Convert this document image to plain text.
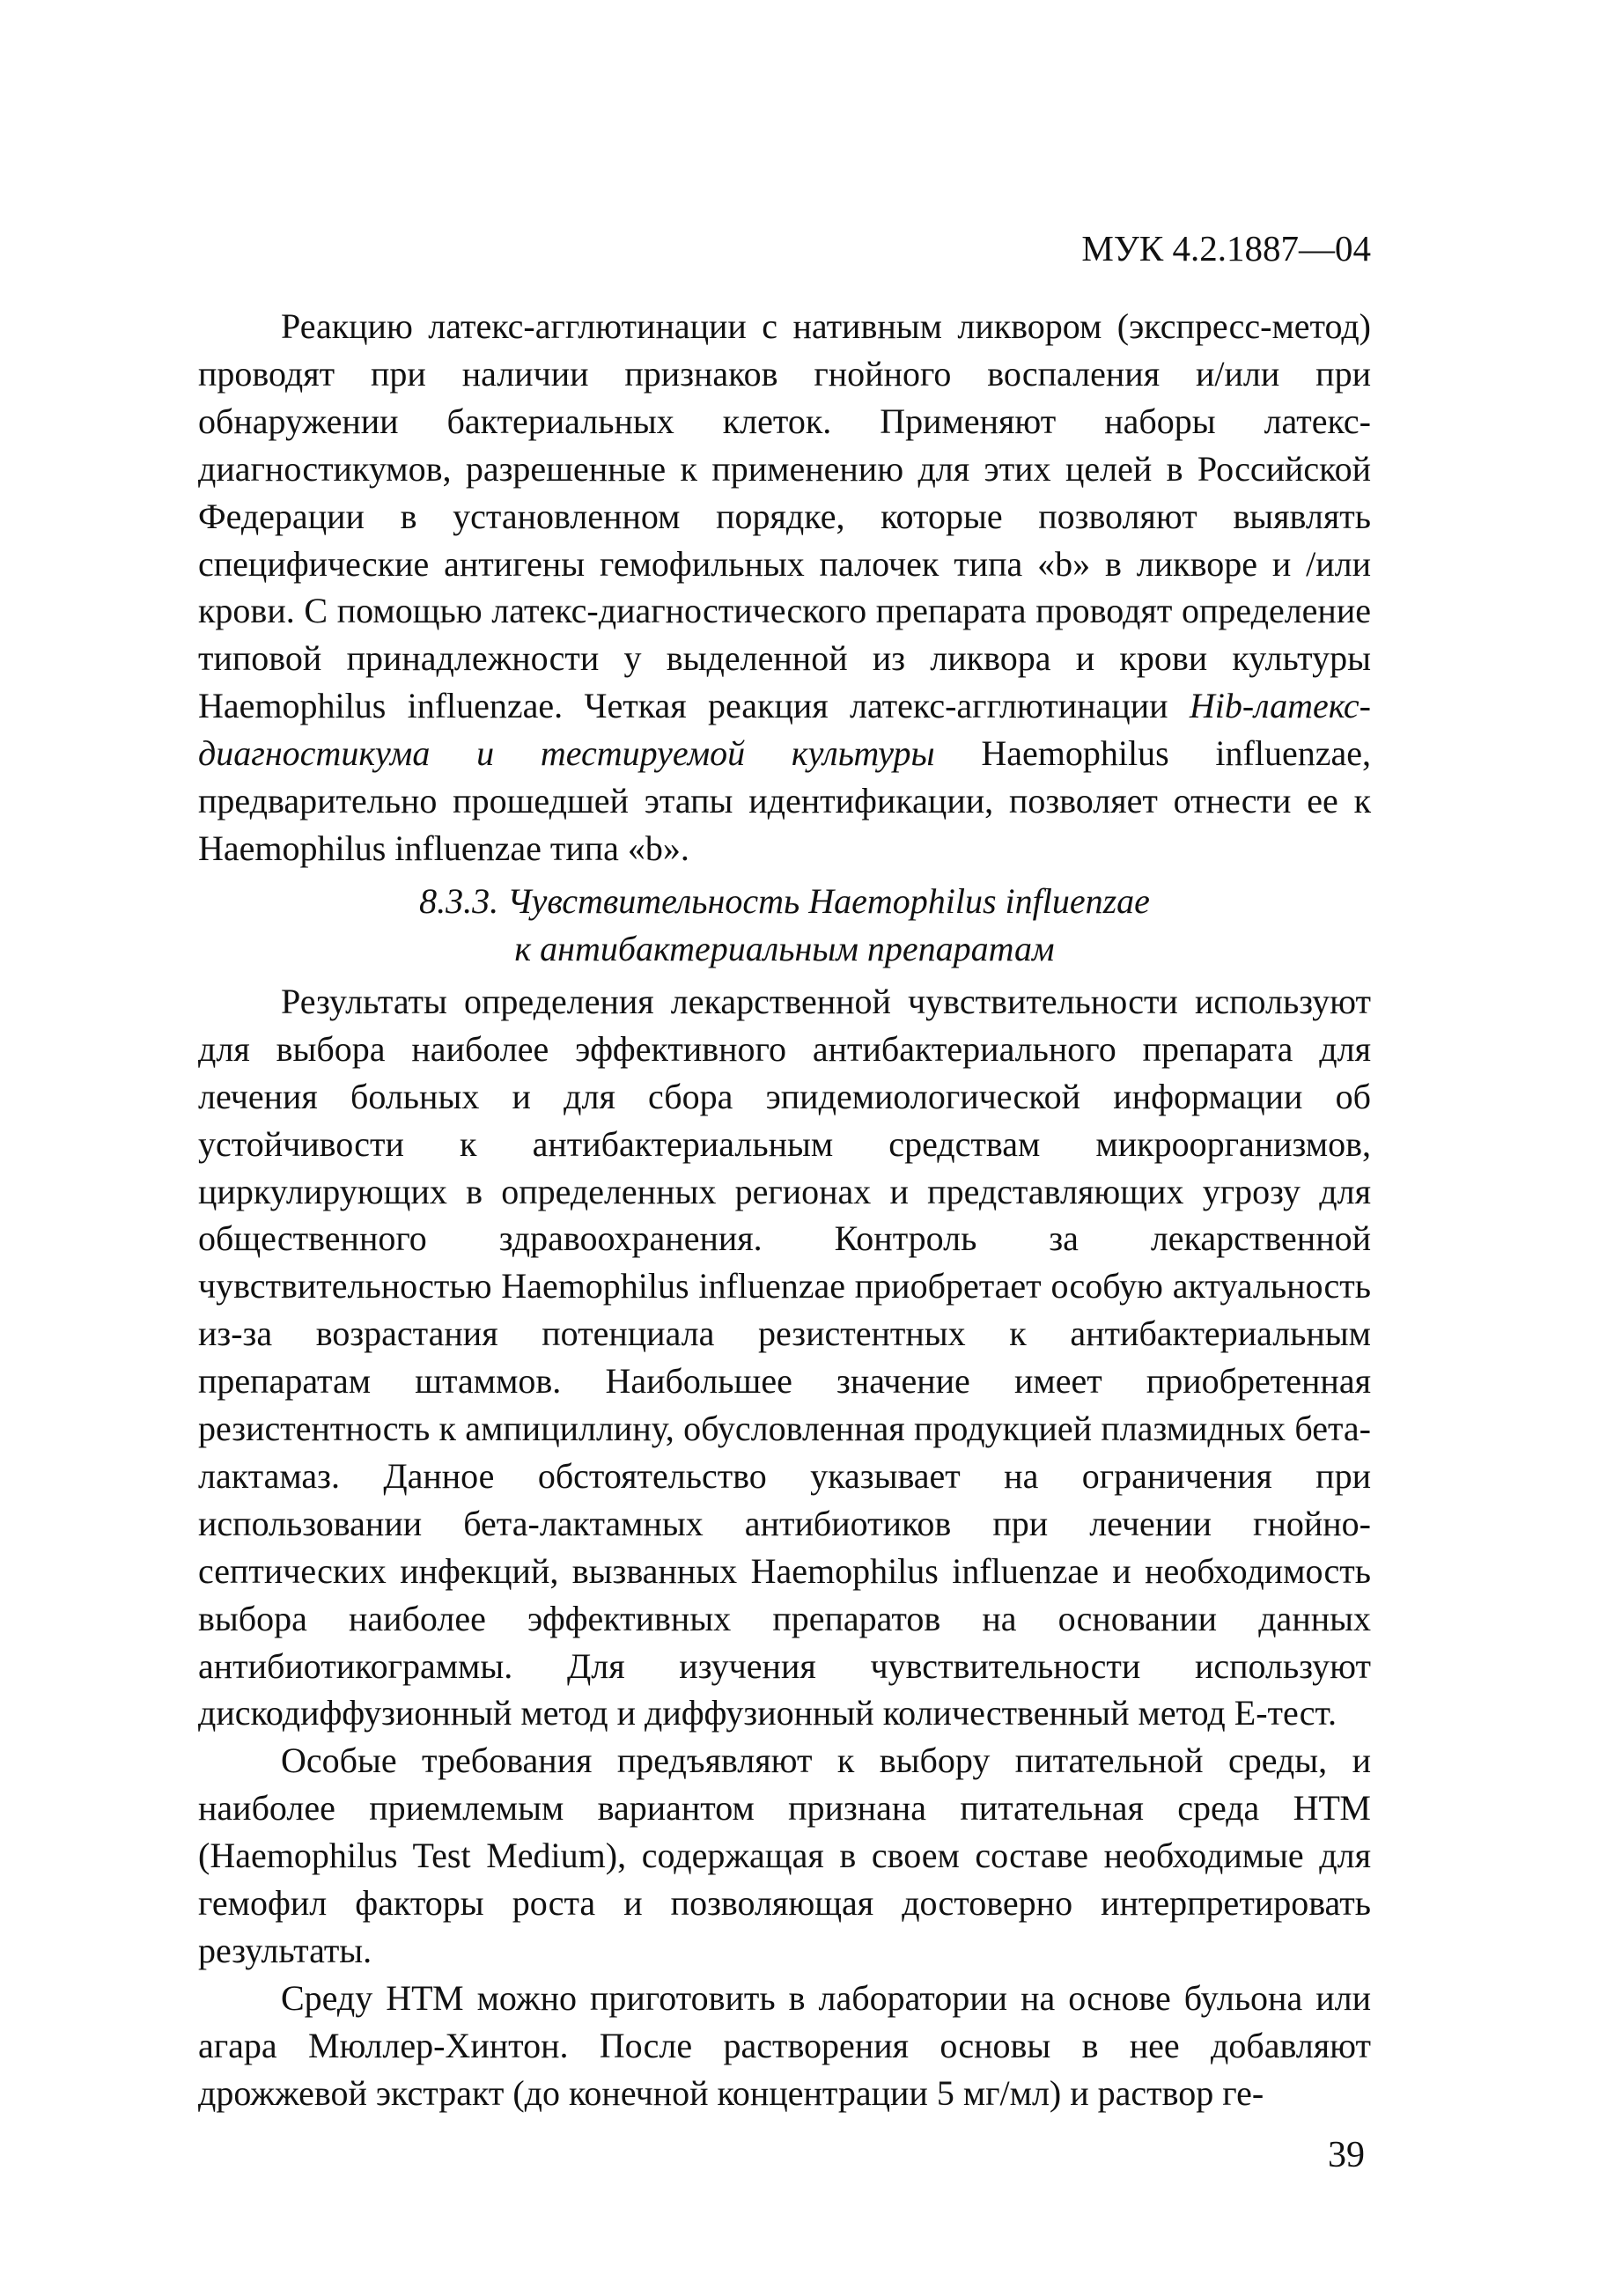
МУК 4.2.1887—04

Реакцию латекс-агглютинации с нативным ликвором (экспресс-метод) проводят при наличии признаков гнойного воспаления и/или при обнаружении бактериальных клеток. Применяют наборы латекс-диагностикумов, разрешенные к применению для этих целей в Российской Федерации в установленном порядке, которые позволяют выявлять специфические антигены гемофильных палочек типа «b» в ликворе и /или крови. С помощью латекс-диагностического препарата проводят определение типовой принадлежности у выделенной из ликвора и крови культуры Haemophilus influenzae. Четкая реакция латекс-агглютинации Hib-латекс-диагностикума и тестируемой культуры Haemophilus influenzae, предварительно прошедшей этапы идентификации, позволяет отнести ее к Haemophilus influenzae типа «b».

8.3.3. Чувствительность Haemophilus influenzae
к антибактериальным препаратам

Результаты определения лекарственной чувствительности используют для выбора наиболее эффективного антибактериального препарата для лечения больных и для сбора эпидемиологической информации об устойчивости к антибактериальным средствам микроорганизмов, циркулирующих в определенных регионах и представляющих угрозу для общественного здравоохранения. Контроль за лекарственной чувствительностью Haemophilus influenzae приобретает особую актуальность из-за возрастания потенциала резистентных к антибактериальным препаратам штаммов. Наибольшее значение имеет приобретенная резистентность к ампициллину, обусловленная продукцией плазмидных бета-лактамаз. Данное обстоятельство указывает на ограничения при использовании бета-лактамных антибиотиков при лечении гнойно-септических инфекций, вызванных Haemophilus influenzae и необходимость выбора наиболее эффективных препаратов на основании данных антибиотикограммы. Для изучения чувствительности используют дискодиффузионный метод и диффузионный количественный метод Е-тест.

Особые требования предъявляют к выбору питательной среды, и наиболее приемлемым вариантом признана питательная среда НТМ (Haemophilus Test Medium), содержащая в своем составе необходимые для гемофил факторы роста и позволяющая достоверно интерпретировать результаты.

Среду НТМ можно приготовить в лаборатории на основе бульона или агара Мюллер-Хинтон. После растворения основы в нее добавляют дрожжевой экстракт (до конечной концентрации 5 мг/мл) и раствор ге-

39
